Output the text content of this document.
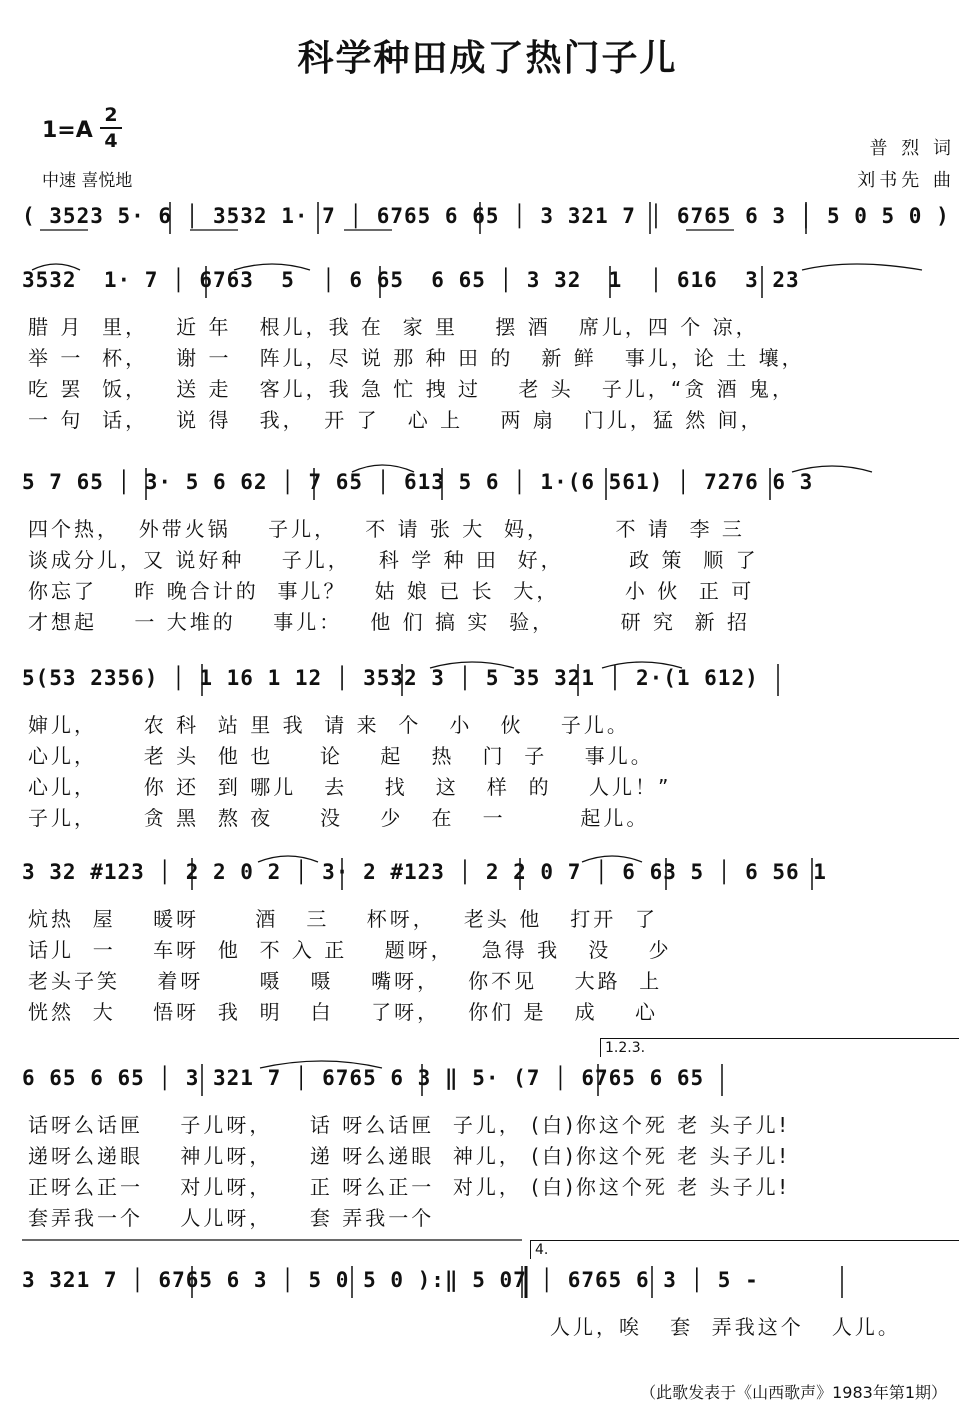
科学种田成了热门子儿
1=A
2
4
中速 喜悦地
普 烈 词
刘书先 曲
( 3523 5· 6 │ 3532 1· 7 │ 6765 6 65 │ 3 321 7 │ 6765 6 3 │ 5 0 5 0 )
3532  1· 7 │ 6763  5  │ 6 65  6 65 │ 3 32  1  │ 616  3 23
腊 月  里，   近 年   根儿，我 在  家 里    摆 酒   席儿，四 个 凉，
举 一  杯，   谢 一   阵儿，尽 说 那 种 田 的   新 鲜   事儿，论 土 壤，
吃 罢  饭，   送 走   客儿，我 急 忙 拽 过    老 头   子儿，“贪 酒 鬼，
一 句  话，   说 得   我，  开 了   心 上    两 扇   门儿，猛 然 间，
5 7 65 │ 3· 5 6 62 │ 7 65 │ 613 5 6 │ 1·(6 561) │ 7276 6 3
四个热，  外带火锅    子儿，   不 请 张 大  妈，       不 请  李 三
谈成分儿，又 说好种    子儿，   科 学 种 田  好，       政 策  顺 了
你忘了    昨 晚合计的  事儿？   姑 娘 已 长  大，       小 伙  正 可
才想起    一 大堆的    事儿：   他 们 搞 实  验，       研 究  新 招
5(53 2356) │ 1 16 1 12 │ 3532 3 │ 5 35 321 │ 2·(1 612)
婶儿，     农 科  站 里 我  请 来  个   小   伙    子儿。
心儿，     老 头  他 也     论    起   热   门  子    事儿。
心儿，     你 还  到 哪儿   去    找   这   样  的    人儿！”
子儿，     贪 黑  熬 夜     没    少   在   一        起儿。
3 32 #123 │ 2 2 0 2 │ 3· 2 #123 │ 2 2 0 7 │ 6 63 5 │ 6 56 1
炕热  屋    暖呀      酒   三    杯呀，   老头 他   打开  了
话儿  一    车呀  他  不 入 正    题呀，   急得 我   没    少
老头子笑    着呀      嗫   嗫    嘴呀，   你不见    大路  上
恍然  大    悟呀  我  明   白    了呀，   你们 是   成    心
1.2.3.
6 65 6 65 │ 3 321 7 │ 6765 6 3 ‖ 5· (7 │ 6765 6 65
话呀么话匣    子儿呀，    话 呀么话匣  子儿， (白)你这个死 老 头子儿!
递呀么递眼    神儿呀，    递 呀么递眼  神儿， (白)你这个死 老 头子儿!
正呀么正一    对儿呀，    正 呀么正一  对儿， (白)你这个死 老 头子儿!
套弄我一个    人儿呀，    套 弄我一个
4.
3 321 7 │ 6765 6 3 │ 5 0 5 0 ):‖ 5 07 │ 6765 6 3 │ 5 -
人儿，唉   套  弄我这个   人儿。
（此歌发表于《山西歌声》1983年第1期）
